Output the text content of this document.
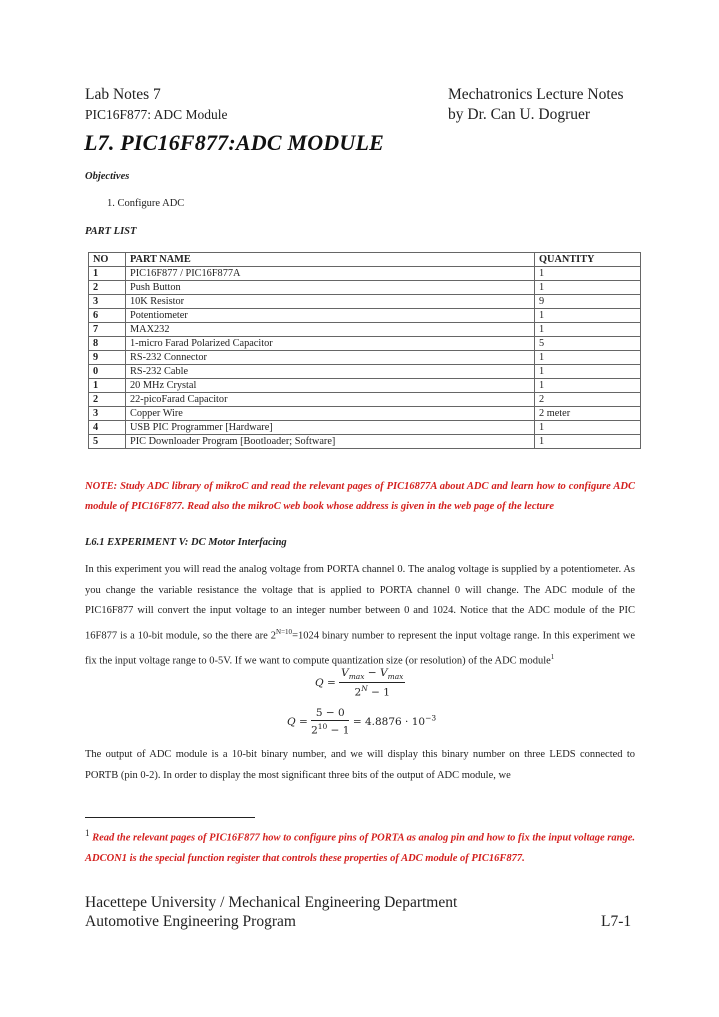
Lab Notes 7
PIC16F877: ADC Module
Mechatronics Lecture Notes
by Dr. Can U. Dogruer
L7. PIC16F877:ADC MODULE
Objectives
1. Configure ADC
PART LIST
NO	PART NAME	QUANTITY
1	PIC16F877 / PIC16F877A	1
2	Push Button	1
3	10K Resistor	9
6	Potentiometer	1
7	MAX232	1
8	1-micro Farad Polarized Capacitor	5
9	RS-232 Connector	1
0	RS-232 Cable	1
1	20 MHz Crystal	1
2	22-picoFarad Capacitor	2
3	Copper Wire	2 meter
4	USB PIC Programmer [Hardware]	1
5	PIC Downloader Program [Bootloader; Software]	1
NOTE: Study ADC library of mikroC and read the relevant pages of PIC16877A about ADC and learn how to configure ADC module of PIC16F877. Read also the mikroC web book whose address is given in the web page of the lecture
L6.1 EXPERIMENT V: DC Motor Interfacing
In this experiment you will read the analog voltage from PORTA channel 0. The analog voltage is supplied by a potentiometer. As you change the variable resistance the voltage that is applied to PORTA channel 0 will change. The ADC module of the PIC16F877 will convert the input voltage to an integer number between 0 and 1024. Notice that the ADC module of the PIC 16F877 is a 10-bit module, so the there are $2^{N=10}=1024$ binary number to represent the input voltage range. In this experiment we fix the input voltage range to 0-5V. If we want to compute quantization size (or resolution) of the ADC module$^1$
$Q = \frac{V_{max} - V_{max}}{2^N - 1}$
$Q = \frac{5 - 0}{2^{10} - 1} = 4.8876 \cdot 10^{-3}$
The output of ADC module is a 10-bit binary number, and we will display this binary number on three LEDS connected to PORTB (pin 0-2). In order to display the most significant three bits of the output of ADC module, we
$^1$ Read the relevant pages of PIC16F877 how to configure pins of PORTA as analog pin and how to fix the input voltage range. ADCON1 is the special function register that controls these properties of ADC module of PIC16F877.
Hacettepe University / Mechanical Engineering Department
Automotive Engineering Program	L7-1
